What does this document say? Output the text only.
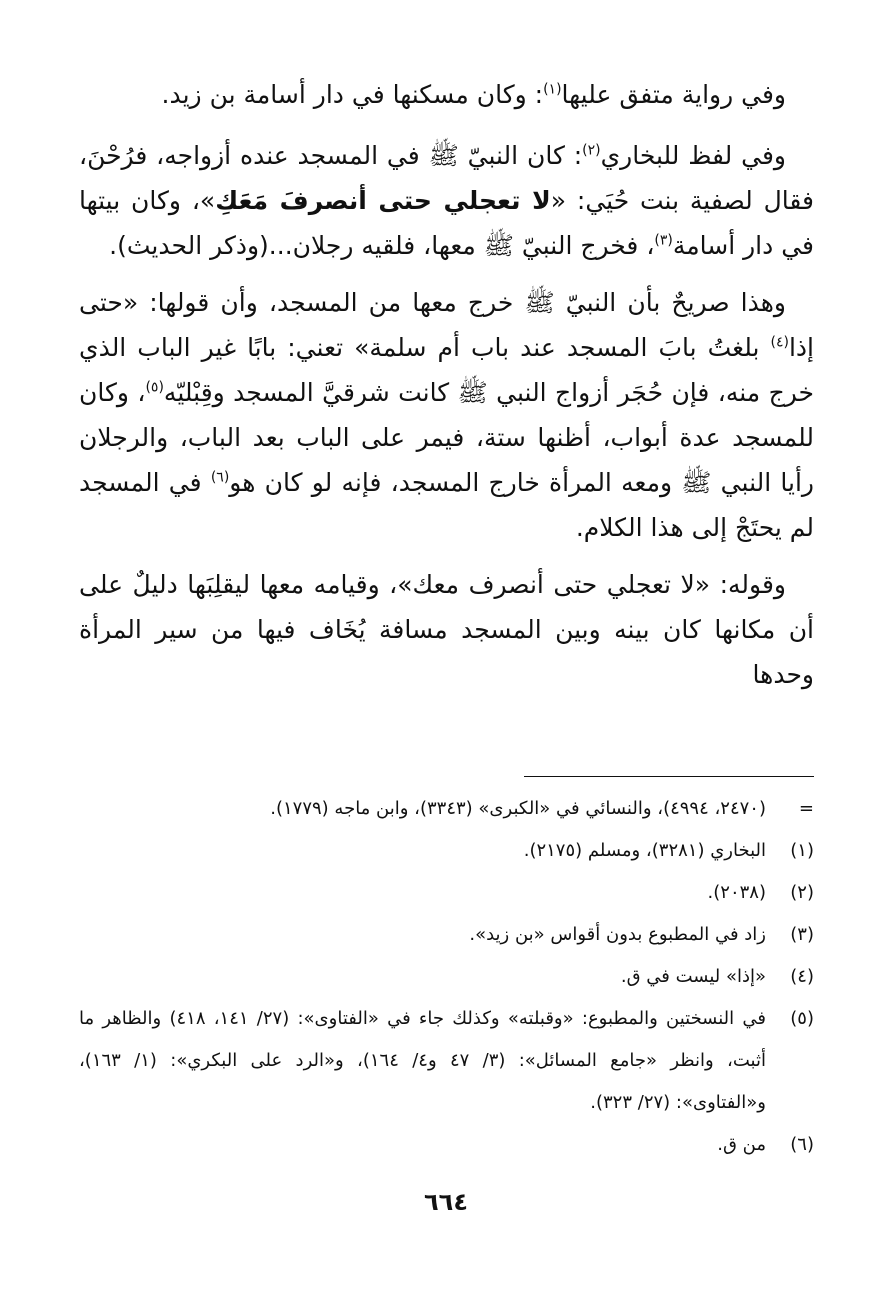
وفي رواية متفق عليها$^{(١)}$: وكان مسكنها في دار أسامة بن زيد.

وفي لفظ للبخاري$^{(٢)}$: كان النبيّ ﷺ في المسجد عنده أزواجه، فرُحْنَ، فقال لصفية بنت حُيَي: «لا تعجلي حتى أنصرفَ مَعَكِ»، وكان بيتها في دار أسامة$^{(٣)}$، فخرج النبيّ ﷺ معها، فلقيه رجلان...(وذكر الحديث).

وهذا صريحٌ بأن النبيّ ﷺ خرج معها من المسجد، وأن قولها: «حتى إذا$^{(٤)}$ بلغتُ بابَ المسجد عند باب أم سلمة» تعني: بابًا غير الباب الذي خرج منه، فإن حُجَر أزواج النبي ﷺ كانت شرقيَّ المسجد وقِبْليّه$^{(٥)}$، وكان للمسجد عدة أبواب، أظنها ستة، فيمر على الباب بعد الباب، والرجلان رأيا النبي ﷺ ومعه المرأة خارج المسجد، فإنه لو كان هو$^{(٦)}$ في المسجد لم يحتَجْ إلى هذا الكلام.

وقوله: «لا تعجلي حتى أنصرف معك»، وقيامه معها ليقلِبَها دليلٌ على أن مكانها كان بينه وبين المسجد مسافة يُخَاف فيها من سير المرأة وحدها

=
(٢٤٧٠، ٤٩٩٤)، والنسائي في «الكبرى» (٣٣٤٣)، وابن ماجه (١٧٧٩).
(١)
البخاري (٣٢٨١)، ومسلم (٢١٧٥).
(٢)
(٢٠٣٨).
(٣)
زاد في المطبوع بدون أقواس «بن زيد».
(٤)
«إذا» ليست في ق.
(٥)
في النسختين والمطبوع: «وقبلته» وكذلك جاء في «الفتاوى»: (٢٧/ ١٤١، ٤١٨) والظاهر ما أثبت، وانظر «جامع المسائل»: (٣/ ٤٧ و٤/ ١٦٤)، و«الرد على البكري»: (١/ ١٦٣)، و«الفتاوى»: (٢٧/ ٣٢٣).
(٦)
من ق.
٦٦٤
